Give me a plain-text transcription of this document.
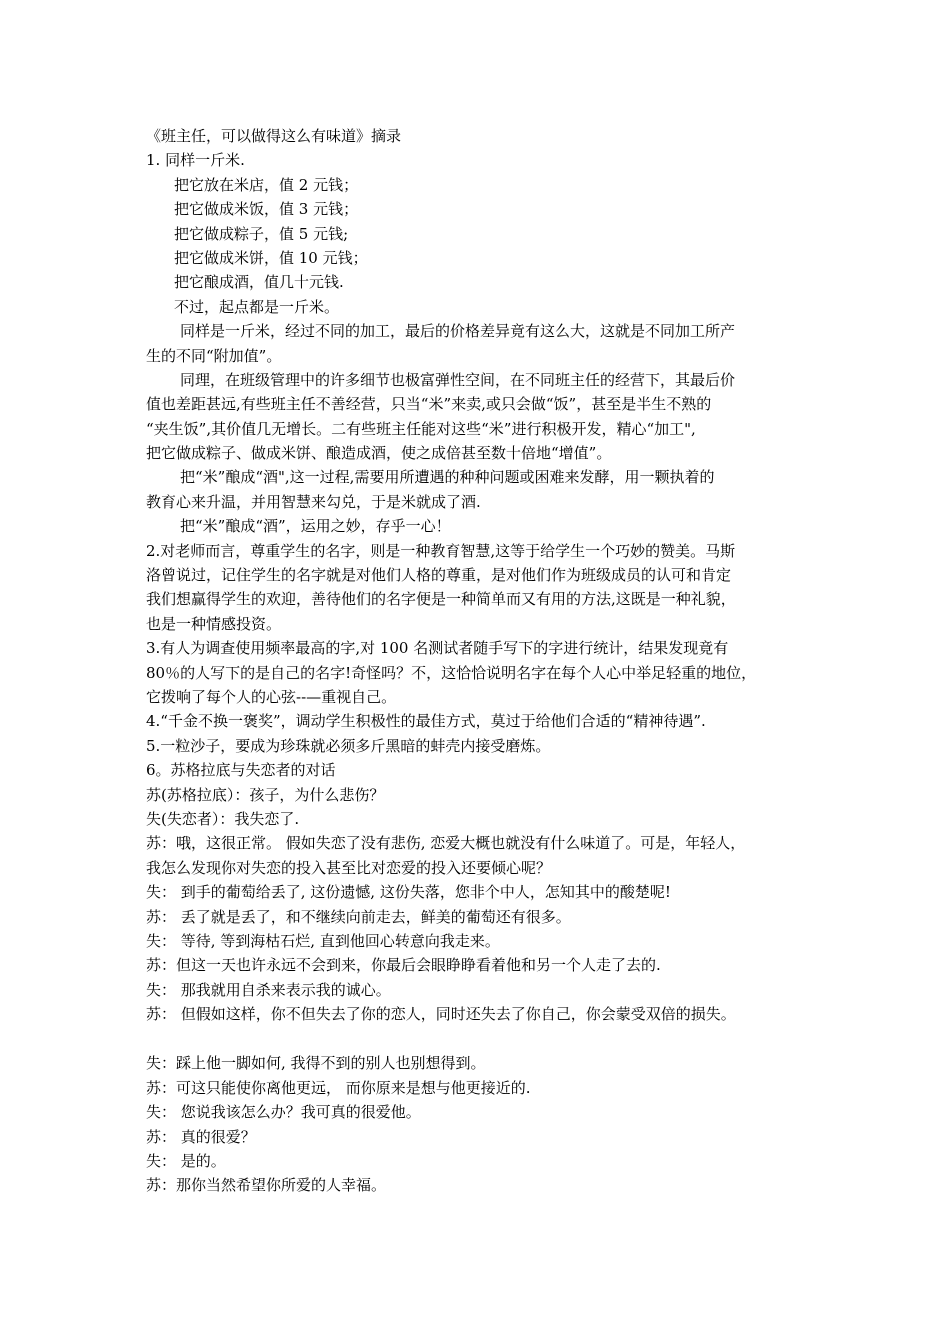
《班主任，可以做得这么有味道》摘录
1. 同样一斤米.
把它放在米店，值 2 元钱；
把它做成米饭，值 3 元钱；
把它做成粽子，值 5 元钱;
把它做成米饼，值 10 元钱；
把它酿成酒，值几十元钱.
不过，起点都是一斤米。
同样是一斤米，经过不同的加工，最后的价格差异竟有这么大，这就是不同加工所产
生的不同“附加值”。
同理，在班级管理中的许多细节也极富弹性空间，在不同班主任的经营下，其最后价
值也差距甚远,有些班主任不善经营，只当“米”来卖,或只会做“饭”，甚至是半生不熟的
“夹生饭”,其价值几无增长。二有些班主任能对这些“米”进行积极开发，精心“加工",
把它做成粽子、做成米饼、酿造成酒，使之成倍甚至数十倍地“增值”。
把“米”酿成“酒",这一过程,需要用所遭遇的种种问题或困难来发酵，用一颗执着的
教育心来升温，并用智慧来勾兑，于是米就成了酒.
把“米”酿成“酒”，运用之妙，存乎一心！
2.对老师而言，尊重学生的名字，则是一种教育智慧,这等于给学生一个巧妙的赞美。马斯
洛曾说过，记住学生的名字就是对他们人格的尊重，是对他们作为班级成员的认可和肯定
我们想赢得学生的欢迎，善待他们的名字便是一种简单而又有用的方法,这既是一种礼貌，
也是一种情感投资。
3.有人为调查使用频率最高的字,对 100 名测试者随手写下的字进行统计，结果发现竟有
80％的人写下的是自己的名字!奇怪吗？不，这恰恰说明名字在每个人心中举足轻重的地位，
它拨响了每个人的心弦--—重视自己。
4.“千金不换一褒奖”，调动学生积极性的最佳方式，莫过于给他们合适的“精神待遇”.
5.一粒沙子，要成为珍珠就必须多斤黑暗的蚌壳内接受磨炼。
6。苏格拉底与失恋者的对话
苏(苏格拉底）：孩子，为什么悲伤？
失(失恋者）：我失恋了.
苏：哦，这很正常。 假如失恋了没有悲伤, 恋爱大概也就没有什么味道了。可是，年轻人，
我怎么发现你对失恋的投入甚至比对恋爱的投入还要倾心呢？
失： 到手的葡萄给丢了, 这份遗憾, 这份失落，您非个中人，怎知其中的酸楚呢!
苏： 丢了就是丢了，和不继续向前走去，鲜美的葡萄还有很多。
失： 等待, 等到海枯石烂, 直到他回心转意向我走来。
苏：但这一天也许永远不会到来，你最后会眼睁睁看着他和另一个人走了去的.
失： 那我就用自杀来表示我的诚心。
苏： 但假如这样，你不但失去了你的恋人，同时还失去了你自己，你会蒙受双倍的损失。
失：踩上他一脚如何, 我得不到的别人也别想得到。
苏：可这只能使你离他更远， 而你原来是想与他更接近的.
失： 您说我该怎么办？我可真的很爱他。
苏： 真的很爱？
失： 是的。
苏：那你当然希望你所爱的人幸福。
